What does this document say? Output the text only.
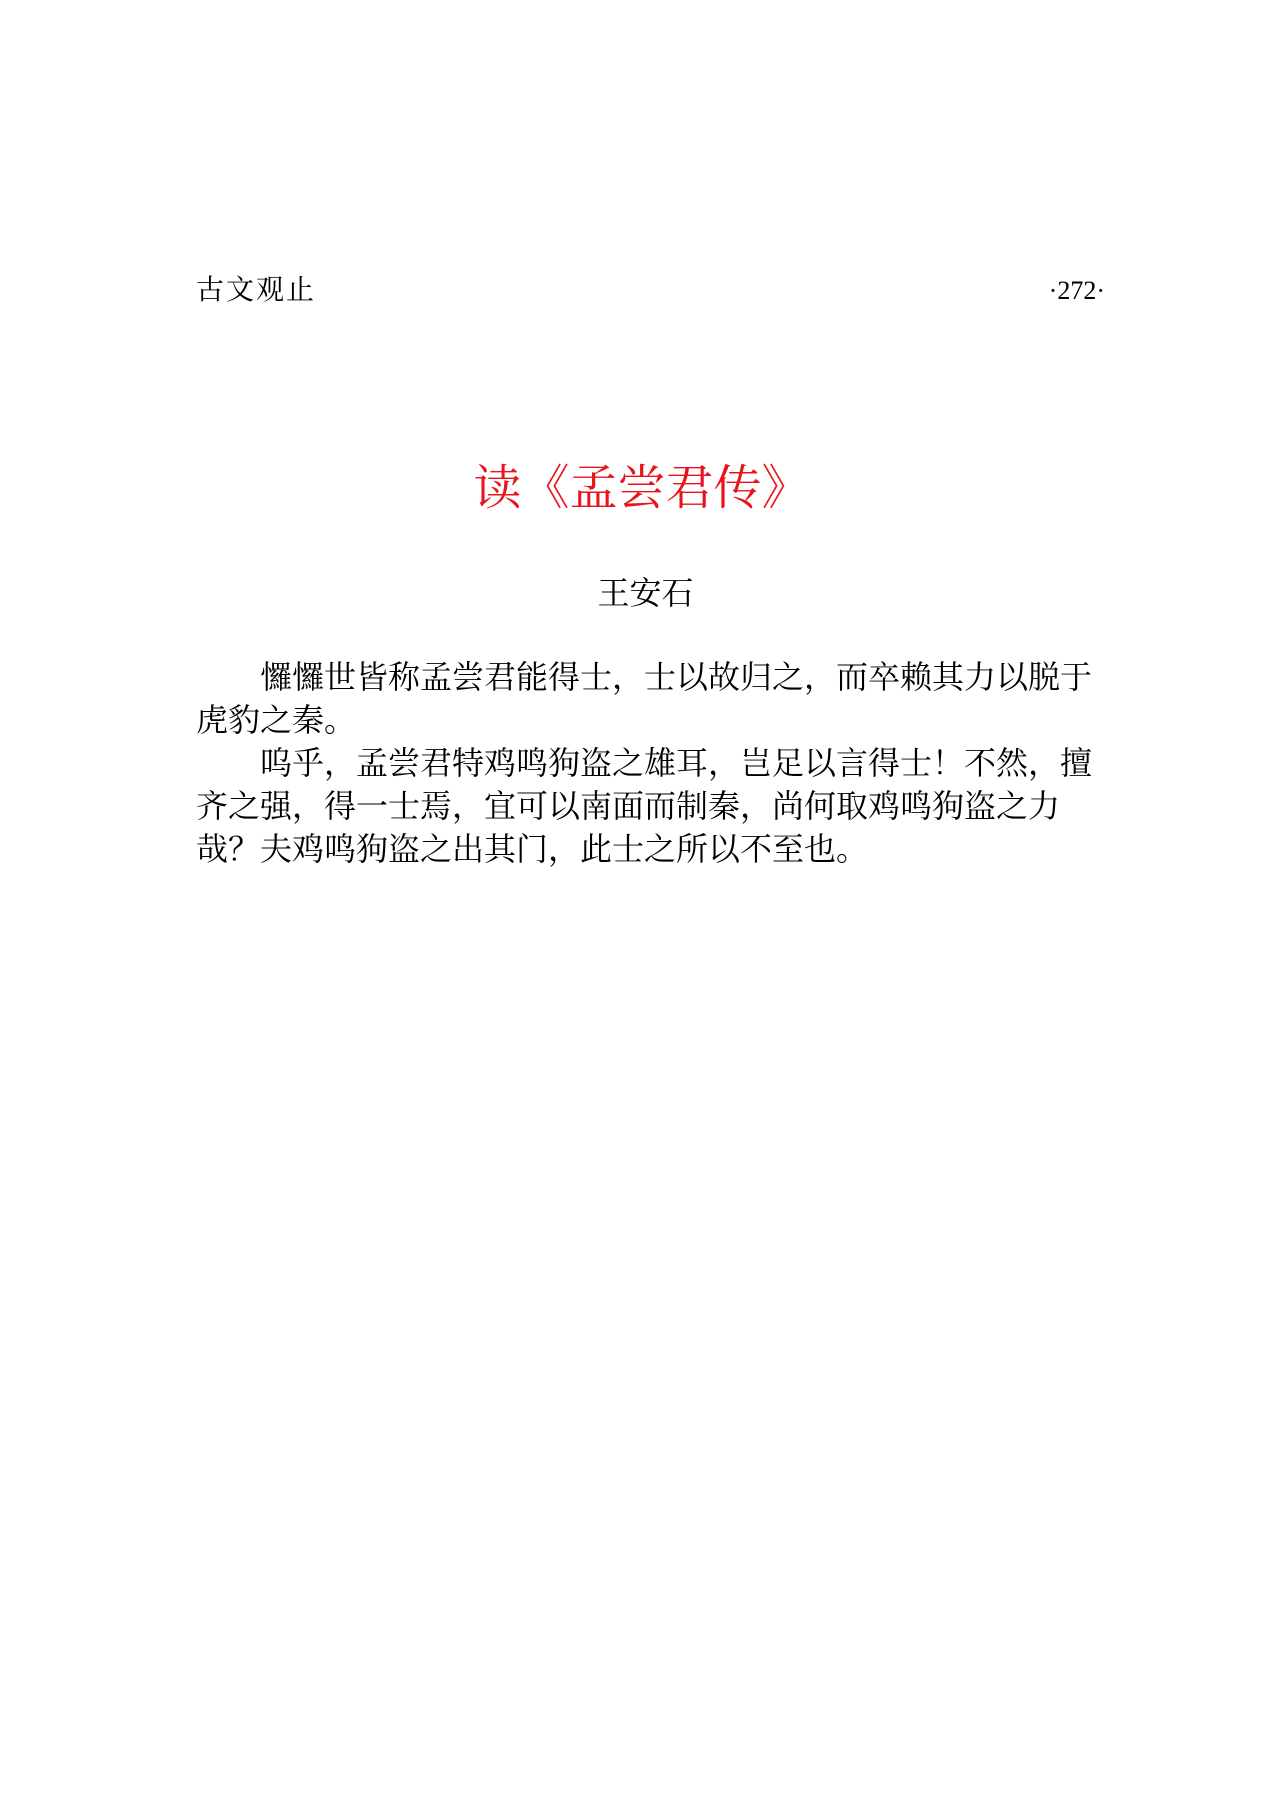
古文观止	·272·
读《孟尝君传》
王安石

㦬㦬世皆称孟尝君能得士，士以故归之，而卒赖其力以脱于虎豹之秦。

呜乎，孟尝君特鸡鸣狗盗之雄耳，岂足以言得士！不然，擅齐之强，得一士焉，宜可以南面而制秦，尚何取鸡鸣狗盗之力哉？夫鸡鸣狗盗之出其门，此士之所以不至也。
